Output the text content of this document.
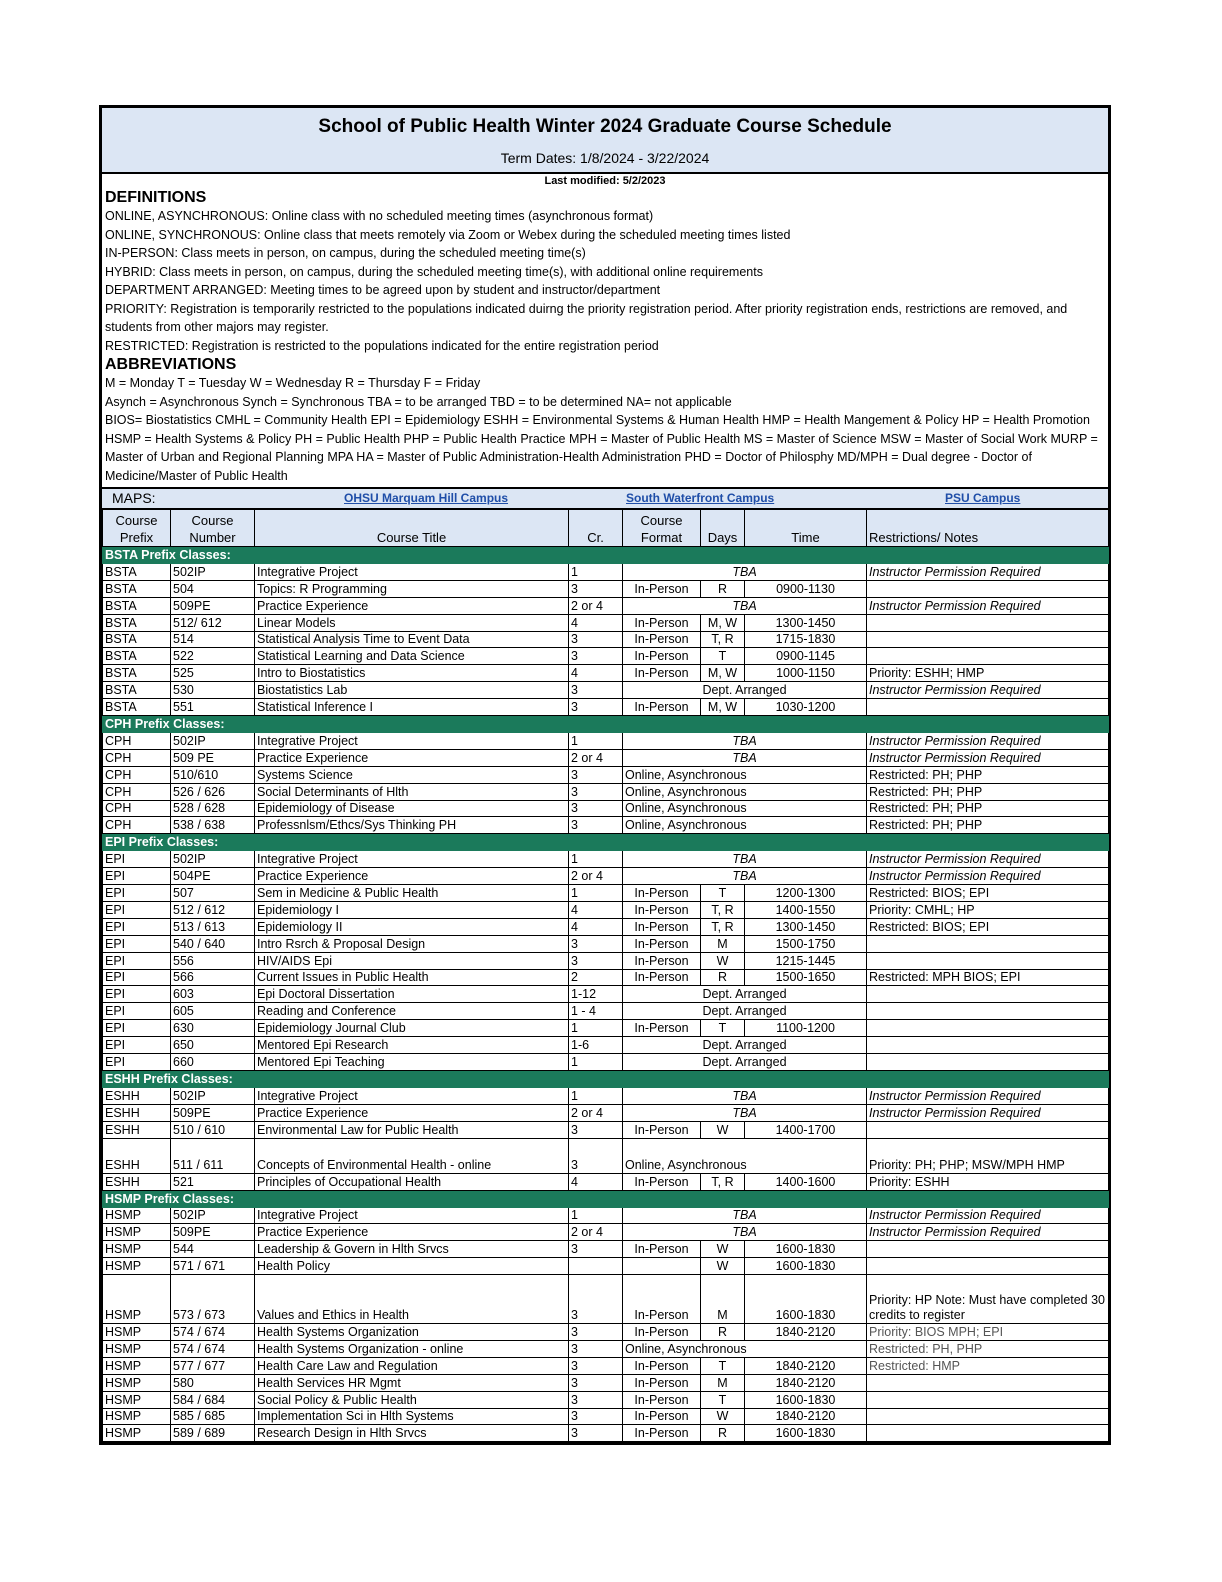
School of Public Health Winter 2024 Graduate Course Schedule
Term Dates: 1/8/2024 - 3/22/2024
Last modified: 5/2/2023
DEFINITIONS
ONLINE, ASYNCHRONOUS: Online class with no scheduled meeting times (asynchronous format)
ONLINE, SYNCHRONOUS: Online class that meets remotely via Zoom or Webex during the scheduled meeting times listed
IN-PERSON: Class meets in person, on campus, during the scheduled meeting time(s)
HYBRID: Class meets in person, on campus, during the scheduled meeting time(s), with additional online requirements
DEPARTMENT ARRANGED: Meeting times to be agreed upon by student and instructor/department
PRIORITY: Registration is temporarily restricted to the populations indicated duirng the priority registration period. After priority registration ends, restrictions are removed, and students from other majors may register.
RESTRICTED: Registration is restricted to the populations indicated for the entire registration period
ABBREVIATIONS
M = Monday T = Tuesday W = Wednesday R = Thursday F = Friday
Asynch = Asynchronous Synch = Synchronous TBA = to be arranged TBD = to be determined NA= not applicable
BIOS= Biostatistics CMHL = Community Health EPI = Epidemiology ESHH = Environmental Systems & Human Health HMP = Health Mangement & Policy HP = Health Promotion HSMP = Health Systems & Policy PH = Public Health PHP = Public Health Practice MPH = Master of Public Health MS = Master of Science MSW = Master of Social Work MURP = Master of Urban and Regional Planning MPA HA = Master of Public Administration-Health Administration PHD = Doctor of Philosphy MD/MPH = Dual degree - Doctor of Medicine/Master of Public Health
MAPS:	OHSU Marquam Hill Campus	South Waterfront Campus	PSU Campus
Course Prefix	Course Number	Course Title	Cr.	Course Format	Days	Time	Restrictions/ Notes
BSTA Prefix Classes:							
BSTA	502IP	Integrative Project	1	TBA			Instructor Permission Required
BSTA	504	Topics: R Programming	3	In-Person	R	0900-1130	
BSTA	509PE	Practice Experience	2 or 4	TBA			Instructor Permission Required
BSTA	512/ 612	Linear Models	4	In-Person	M, W	1300-1450	
BSTA	514	Statistical Analysis Time to Event Data	3	In-Person	T, R	1715-1830	
BSTA	522	Statistical Learning and Data Science	3	In-Person	T	0900-1145	
BSTA	525	Intro to Biostatistics	4	In-Person	M, W	1000-1150	Priority: ESHH; HMP
BSTA	530	Biostatistics Lab	3	Dept. Arranged			Instructor Permission Required
BSTA	551	Statistical Inference I	3	In-Person	M, W	1030-1200	
CPH Prefix Classes:							
CPH	502IP	Integrative Project	1	TBA			Instructor Permission Required
CPH	509 PE	Practice Experience	2 or 4	TBA			Instructor Permission Required
CPH	510/610	Systems Science	3	Online, Asynchronous			Restricted: PH; PHP
CPH	526 / 626	Social Determinants of Hlth	3	Online, Asynchronous			Restricted: PH; PHP
CPH	528 / 628	Epidemiology of Disease	3	Online, Asynchronous			Restricted: PH; PHP
CPH	538 / 638	Professnlsm/Ethcs/Sys Thinking PH	3	Online, Asynchronous			Restricted: PH; PHP
EPI Prefix Classes:							
EPI	502IP	Integrative Project	1	TBA			Instructor Permission Required
EPI	504PE	Practice Experience	2 or 4	TBA			Instructor Permission Required
EPI	507	Sem in Medicine & Public Health	1	In-Person	T	1200-1300	Restricted: BIOS; EPI
EPI	512 / 612	Epidemiology I	4	In-Person	T, R	1400-1550	Priority: CMHL; HP
EPI	513 / 613	Epidemiology II	4	In-Person	T, R	1300-1450	Restricted: BIOS; EPI
EPI	540 / 640	Intro Rsrch & Proposal Design	3	In-Person	M	1500-1750	
EPI	556	HIV/AIDS Epi	3	In-Person	W	1215-1445	
EPI	566	Current Issues in Public Health	2	In-Person	R	1500-1650	Restricted: MPH BIOS; EPI
EPI	603	Epi Doctoral Dissertation	1-12	Dept. Arranged			
EPI	605	Reading and Conference	1 - 4	Dept. Arranged			
EPI	630	Epidemiology Journal Club	1	In-Person	T	1100-1200	
EPI	650	Mentored Epi Research	1-6	Dept. Arranged			
EPI	660	Mentored Epi Teaching	1	Dept. Arranged			
ESHH Prefix Classes:							
ESHH	502IP	Integrative Project	1	TBA			Instructor Permission Required
ESHH	509PE	Practice Experience	2 or 4	TBA			Instructor Permission Required
ESHH	510 / 610	Environmental Law for Public Health	3	In-Person	W	1400-1700	
ESHH	511 / 611	Concepts of Environmental Health - online	3	Online, Asynchronous			Priority: PH; PHP; MSW/MPH HMP
ESHH	521	Principles of Occupational Health	4	In-Person	T, R	1400-1600	Priority: ESHH
HSMP Prefix Classes:							
HSMP	502IP	Integrative Project	1	TBA			Instructor Permission Required
HSMP	509PE	Practice Experience	2 or 4	TBA			Instructor Permission Required
HSMP	544	Leadership & Govern in Hlth Srvcs	3	In-Person	W	1600-1830	
HSMP	571 / 671	Health Policy			W	1600-1830	
HSMP	573 / 673	Values and Ethics in Health	3	In-Person	M	1600-1830	Priority: HP Note: Must have completed 30 credits to register
HSMP	574 / 674	Health Systems Organization	3	In-Person	R	1840-2120	Priority: BIOS MPH; EPI
HSMP	574 / 674	Health Systems Organization - online	3	Online, Asynchronous			Restricted: PH, PHP
HSMP	577 / 677	Health Care Law and Regulation	3	In-Person	T	1840-2120	Restricted: HMP
HSMP	580	Health Services HR Mgmt	3	In-Person	M	1840-2120	
HSMP	584 / 684	Social Policy & Public Health	3	In-Person	T	1600-1830	
HSMP	585 / 685	Implementation Sci in Hlth Systems	3	In-Person	W	1840-2120	
HSMP	589 / 689	Research Design in Hlth Srvcs	3	In-Person	R	1600-1830	
